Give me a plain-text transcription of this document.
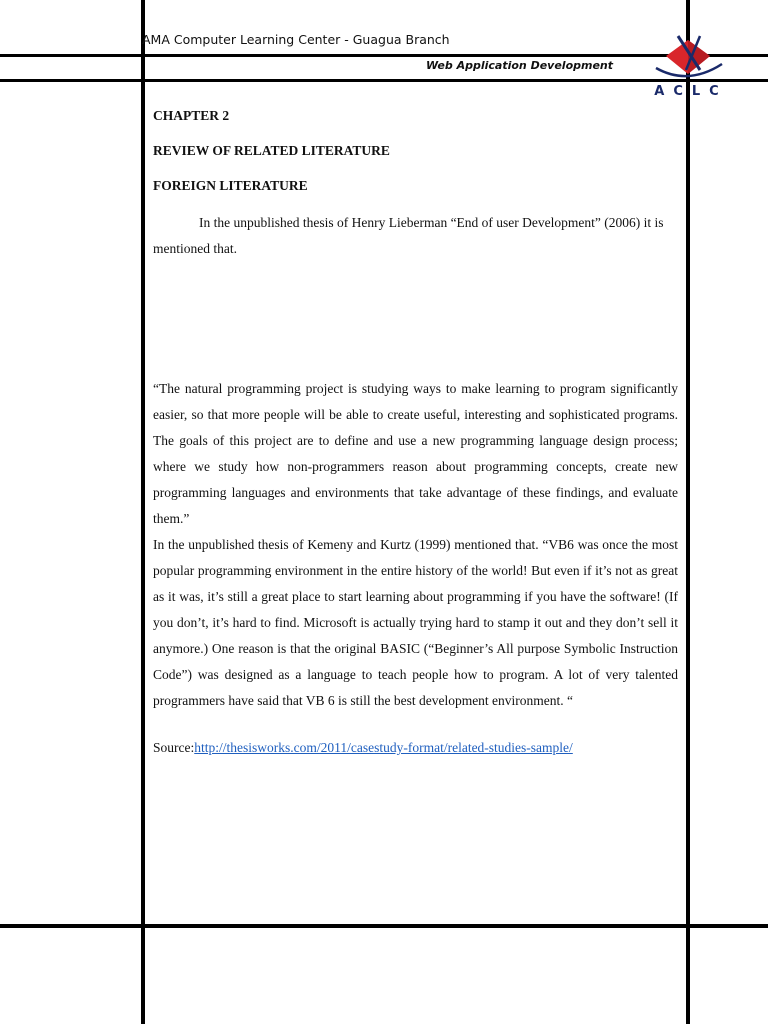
AMA Computer Learning Center - Guagua Branch
Web Application Development
ACLC
CHAPTER 2
REVIEW OF RELATED LITERATURE
FOREIGN LITERATURE

In the unpublished thesis of Henry Lieberman “End of user Development” (2006) it is mentioned that.

“The natural programming project is studying ways to make learning to program significantly easier, so that more people will be able to create useful, interesting and sophisticated programs. The goals of this project are to define and use a new programming language design process; where we study how non-programmers reason about programming concepts, create new programming languages and environments that take advantage of these findings, and evaluate them.”

In the unpublished thesis of Kemeny and Kurtz (1999) mentioned that. “VB6 was once the most popular programming environment in the entire history of the world! But even if it’s not as great as it was, it’s still a great place to start learning about programming if you have the software! (If you don’t, it’s hard to find. Microsoft is actually trying hard to stamp it out and they don’t sell it anymore.) One reason is that the original BASIC (“Beginner’s All purpose Symbolic Instruction Code”) was designed as a language to teach people how to program. A lot of very talented programmers have said that VB 6 is still the best development environment. “

Source:http://thesisworks.com/2011/casestudy-format/related-studies-sample/
